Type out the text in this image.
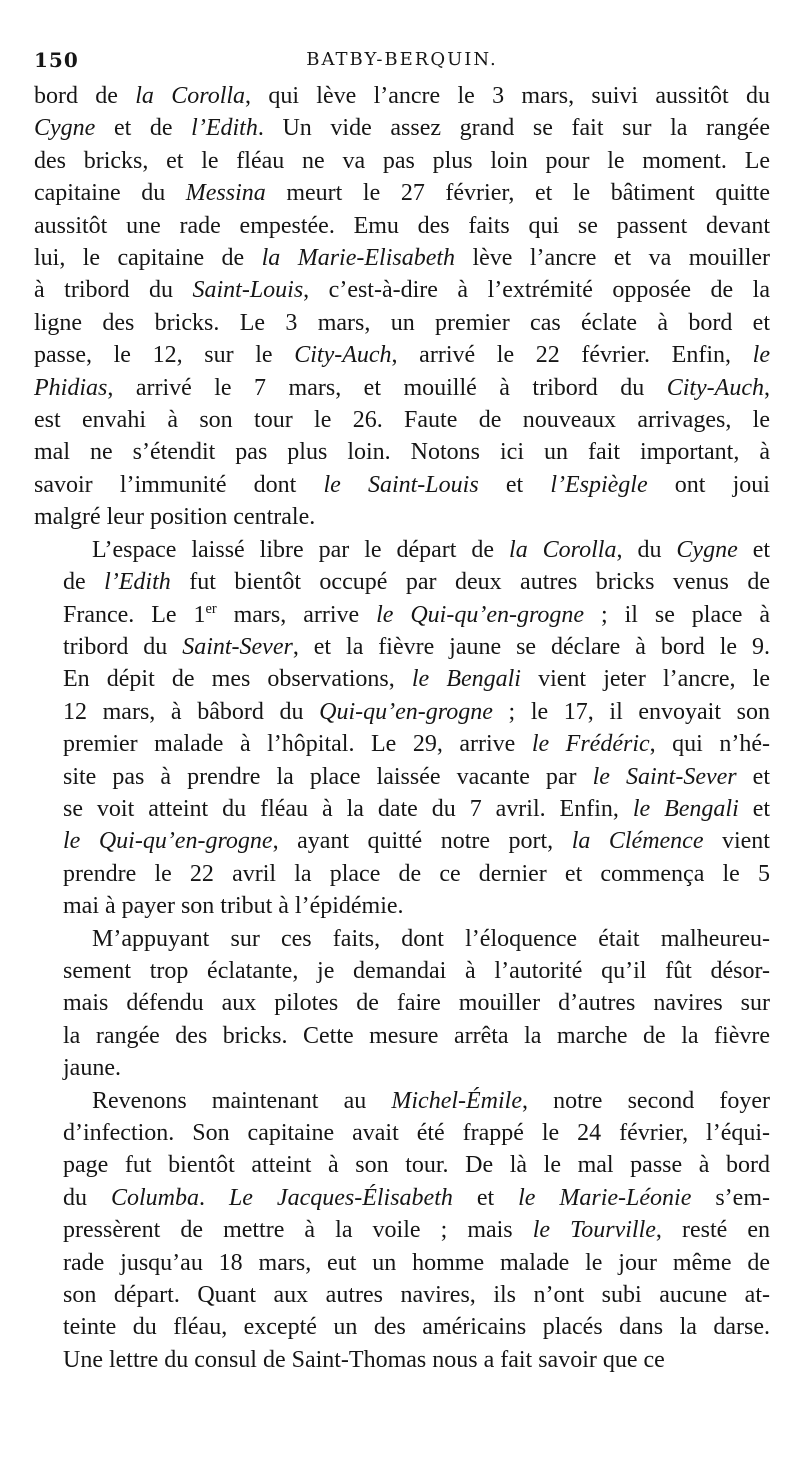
150	BATBY-BERQUIN.
bord de la Corolla, qui lève l’ancre le 3 mars, suivi aussitôt du
Cygne et de l’Edith. Un vide assez grand se fait sur la rangée
des bricks, et le fléau ne va pas plus loin pour le moment. Le
capitaine du Messina meurt le 27 février, et le bâtiment quitte
aussitôt une rade empestée. Emu des faits qui se passent devant
lui, le capitaine de la Marie-Elisabeth lève l’ancre et va mouiller
à tribord du Saint-Louis, c’est-à-dire à l’extrémité opposée de la
ligne des bricks. Le 3 mars, un premier cas éclate à bord et
passe, le 12, sur le City-Auch, arrivé le 22 février. Enfin, le
Phidias, arrivé le 7 mars, et mouillé à tribord du City-Auch,
est envahi à son tour le 26. Faute de nouveaux arrivages, le
mal ne s’étendit pas plus loin. Notons ici un fait important, à
savoir l’immunité dont le Saint-Louis et l’Espiègle ont joui
malgré leur position centrale.
L’espace laissé libre par le départ de la Corolla, du Cygne et
de l’Edith fut bientôt occupé par deux autres bricks venus de
France. Le 1er mars, arrive le Qui-qu’en-grogne ; il se place à
tribord du Saint-Sever, et la fièvre jaune se déclare à bord le 9.
En dépit de mes observations, le Bengali vient jeter l’ancre, le
12 mars, à bâbord du Qui-qu’en-grogne ; le 17, il envoyait son
premier malade à l’hôpital. Le 29, arrive le Frédéric, qui n’hé-
site pas à prendre la place laissée vacante par le Saint-Sever et
se voit atteint du fléau à la date du 7 avril. Enfin, le Bengali et
le Qui-qu’en-grogne, ayant quitté notre port, la Clémence vient
prendre le 22 avril la place de ce dernier et commença le 5
mai à payer son tribut à l’épidémie.
M’appuyant sur ces faits, dont l’éloquence était malheureu-
sement trop éclatante, je demandai à l’autorité qu’il fût désor-
mais défendu aux pilotes de faire mouiller d’autres navires sur
la rangée des bricks. Cette mesure arrêta la marche de la fièvre
jaune.
Revenons maintenant au Michel-Émile, notre second foyer
d’infection. Son capitaine avait été frappé le 24 février, l’équi-
page fut bientôt atteint à son tour. De là le mal passe à bord
du Columba. Le Jacques-Élisabeth et le Marie-Léonie s’em-
pressèrent de mettre à la voile ; mais le Tourville, resté en
rade jusqu’au 18 mars, eut un homme malade le jour même de
son départ. Quant aux autres navires, ils n’ont subi aucune at-
teinte du fléau, excepté un des américains placés dans la darse.
Une lettre du consul de Saint-Thomas nous a fait savoir que ce
